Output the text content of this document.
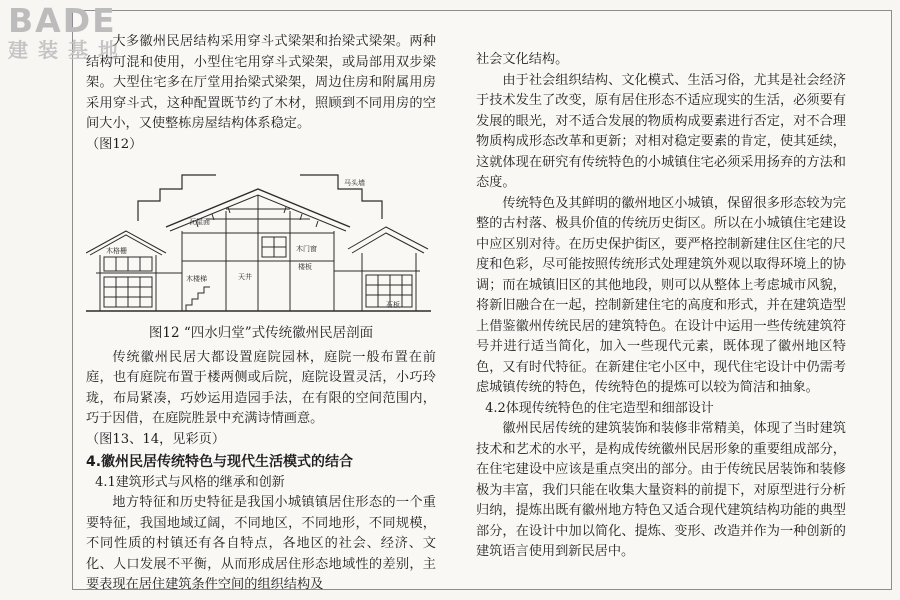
BADE
建装基地

大多徽州民居结构采用穿斗式梁架和抬梁式梁架。两种结构可混和使用，小型住宅用穿斗式梁架，或局部用双步梁架。大型住宅多在厅堂用抬梁式梁架，周边住房和附属用房采用穿斗式，这种配置既节约了木材，照顾到不同用房的空间大小，又使整栋房屋结构体系稳定。

（图12）

瓦屋面
天井
马头墙
木楼梯
木门窗
楼板
木格栅
石板

图12 “四水归堂”式传统徽州民居剖面

传统徽州民居大都设置庭院园林，庭院一般布置在前庭，也有庭院布置于楼两侧或后院，庭院设置灵活，小巧玲珑，布局紧凑，巧妙运用造园手法，在有限的空间范围内，巧于因借，在庭院胜景中充满诗情画意。

（图13、14，见彩页）

4.徽州民居传统特色与现代生活模式的结合

4.1建筑形式与风格的继承和创新

地方特征和历史特征是我国小城镇镇居住形态的一个重要特征，我国地域辽阔，不同地区，不同地形，不同规模，不同性质的村镇还有各自特点，各地区的社会、经济、文化、人口发展不平衡，从而形成居住形态地域性的差别，主要表现在居住建筑条件空间的组织结构及

社会文化结构。

由于社会组织结构、文化模式、生活习俗，尤其是社会经济于技术发生了改变，原有居住形态不适应现实的生活，必须要有发展的眼光，对不适合发展的物质构成要素进行否定，对不合理物质构成形态改革和更新；对相对稳定要素的肯定，使其延续，这就体现在研究有传统特色的小城镇住宅必须采用扬弃的方法和态度。

传统特色及其鲜明的徽州地区小城镇，保留很多形态较为完整的古村落、极具价值的传统历史街区。所以在小城镇住宅建设中应区别对待。在历史保护街区，要严格控制新建住区住宅的尺度和色彩，尽可能按照传统形式处理建筑外观以取得环境上的协调；而在城镇旧区的其他地段，则可以从整体上考虑城市风貌，将新旧融合在一起，控制新建住宅的高度和形式，并在建筑造型上借鉴徽州传统民居的建筑特色。在设计中运用一些传统建筑符号并进行适当简化，加入一些现代元素，既体现了徽州地区特色，又有时代特征。在新建住宅小区中，现代住宅设计中仍需考虑城镇传统的特色，传统特色的提炼可以较为简洁和抽象。

4.2体现传统特色的住宅造型和细部设计

徽州民居传统的建筑装饰和装修非常精美，体现了当时建筑技术和艺术的水平，是构成传统徽州民居形象的重要组成部分，在住宅建设中应该是重点突出的部分。由于传统民居装饰和装修极为丰富，我们只能在收集大量资料的前提下，对原型进行分析归纳，提炼出既有徽州地方特色又适合现代建筑结构功能的典型部分，在设计中加以简化、提炼、变形、改造并作为一种创新的建筑语言使用到新民居中。
